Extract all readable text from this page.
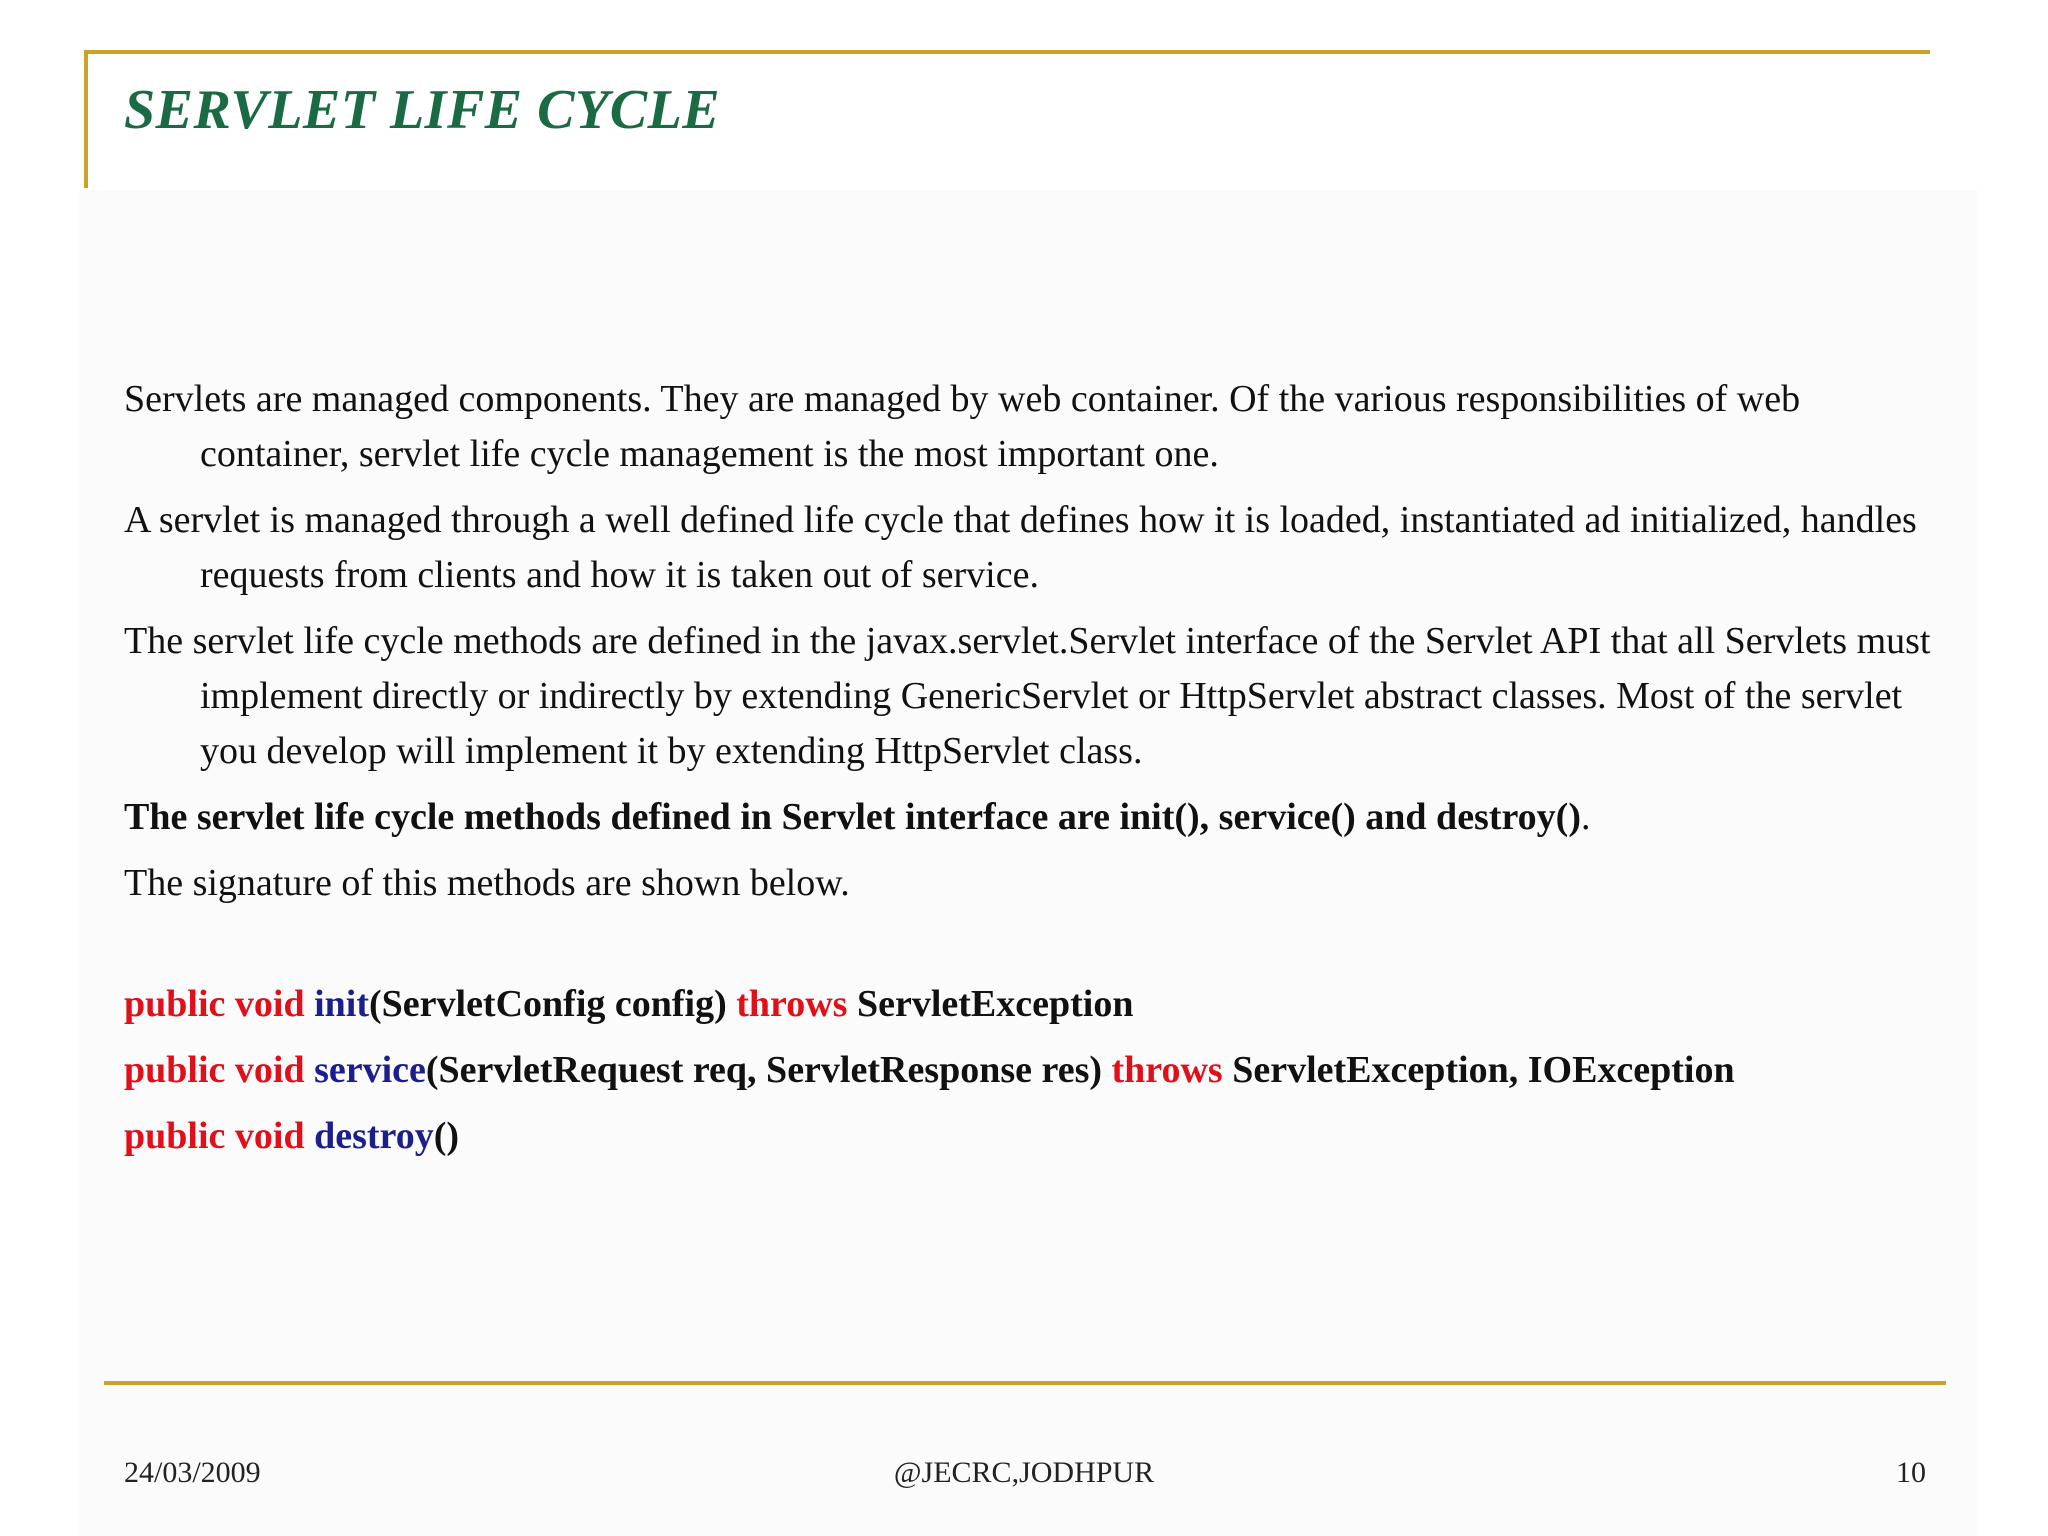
SERVLET LIFE CYCLE

Servlets are managed components. They are managed by web container. Of the various responsibilities of web container, servlet life cycle management is the most important one.

A servlet is managed through a well defined life cycle that defines how it is loaded, instantiated ad initialized, handles requests from clients and how it is taken out of service.

The servlet life cycle methods are defined in the javax.servlet.Servlet interface of the Servlet API that all Servlets must implement directly or indirectly by extending GenericServlet or HttpServlet abstract classes. Most of the servlet you develop will implement it by extending HttpServlet class.

The servlet life cycle methods defined in Servlet interface are init(), service() and destroy().

The signature of this methods are shown below.

public void init(ServletConfig config) throws ServletException

public void service(ServletRequest req, ServletResponse res) throws ServletException, IOException

public void destroy()

24/03/2009	@JECRC,JODHPUR	10
